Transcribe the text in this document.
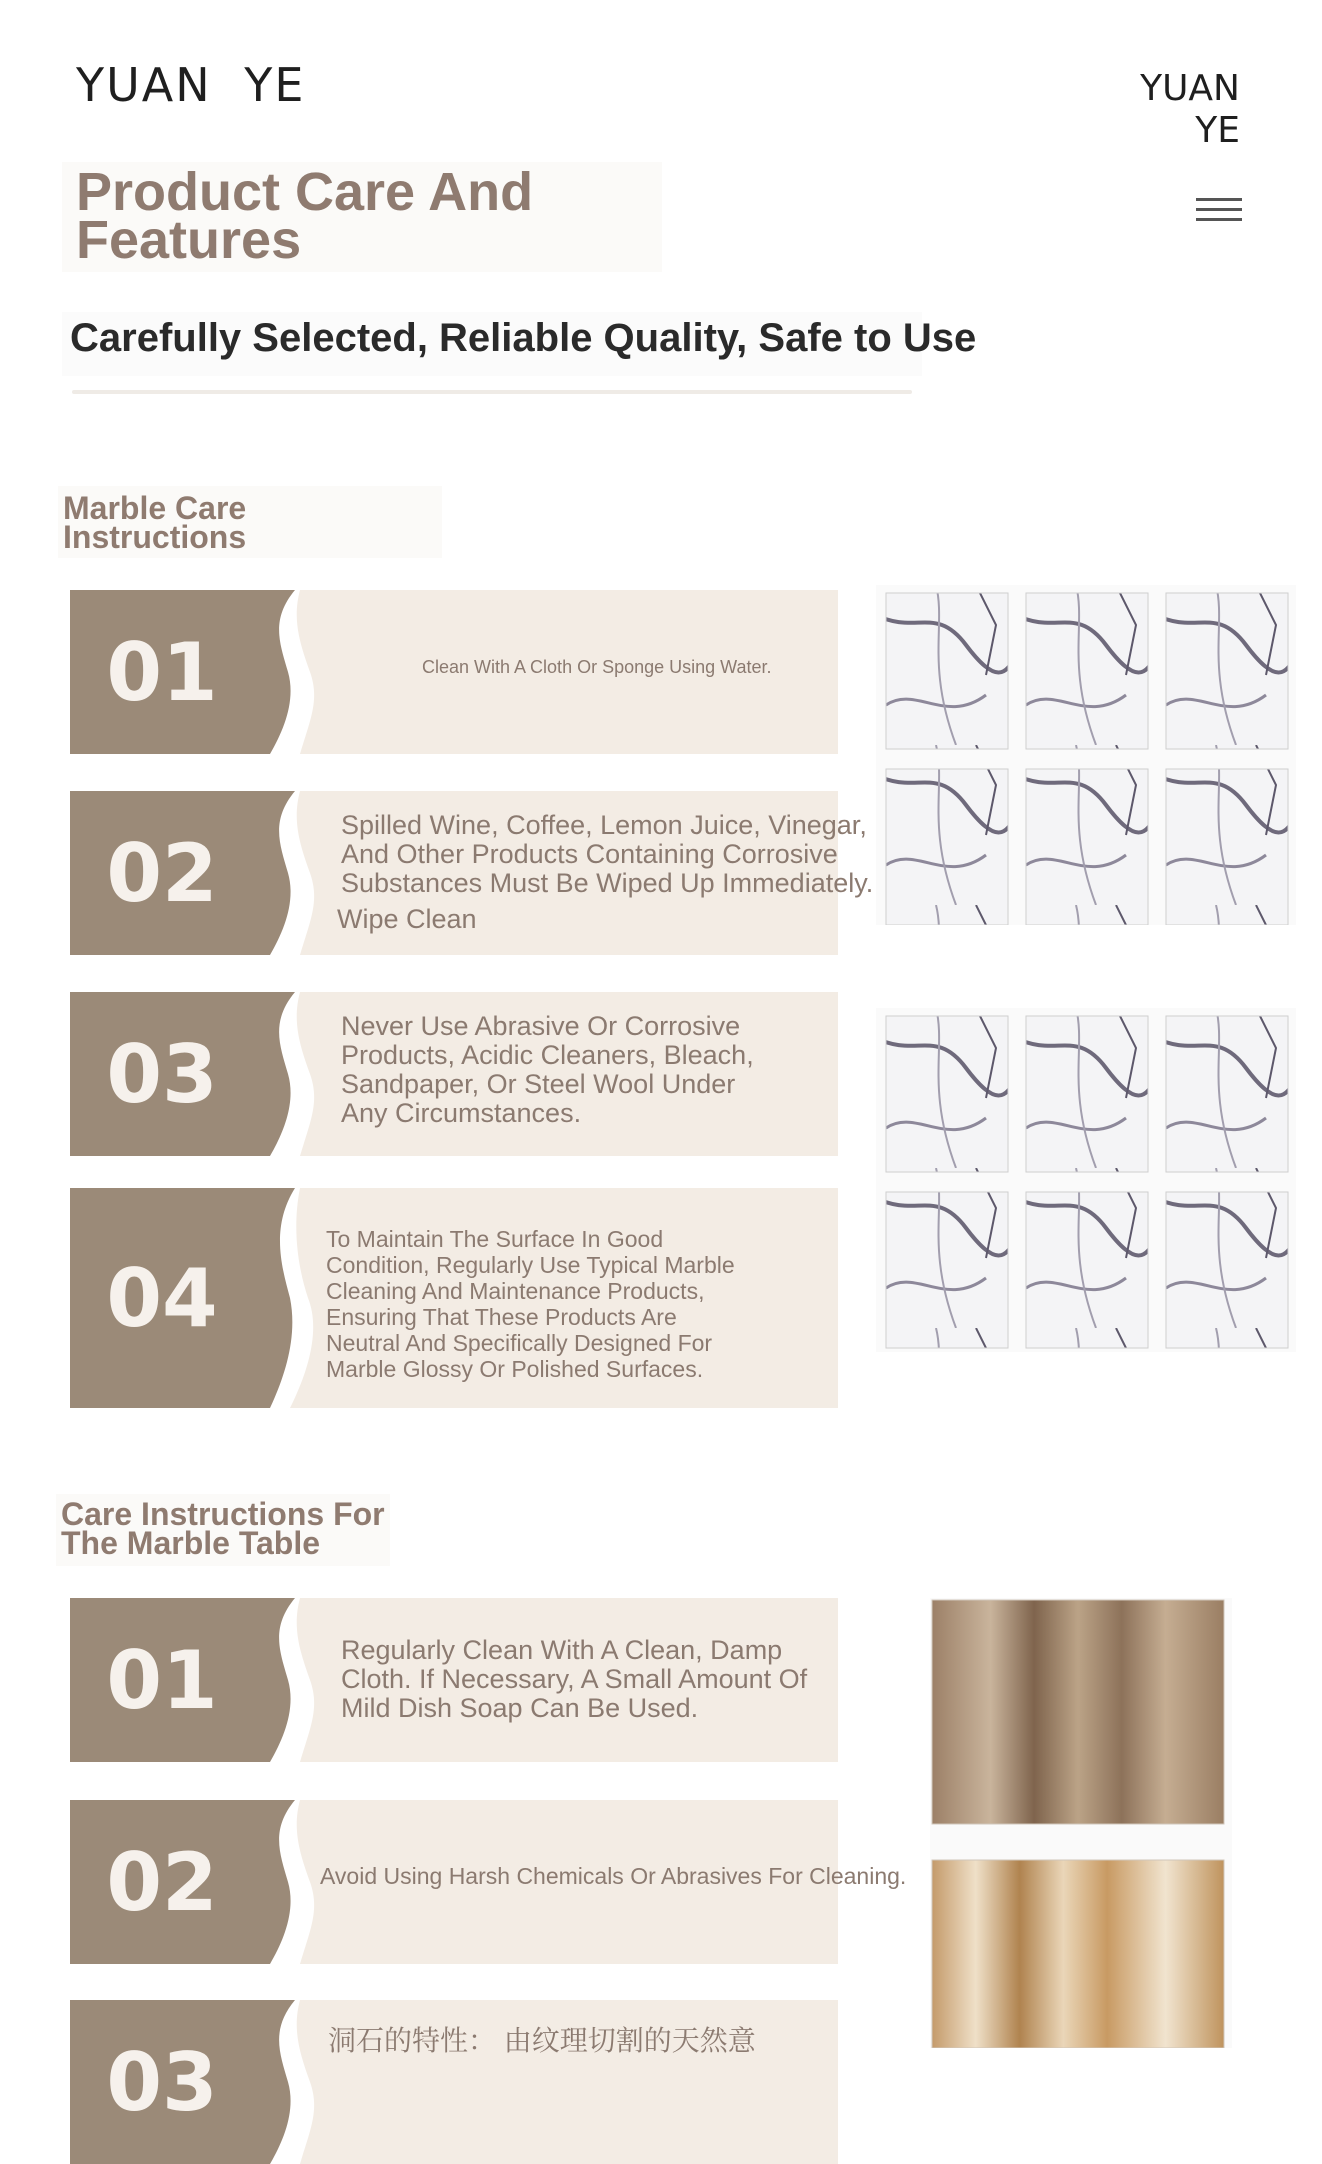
YUAN YE	YUAN
YE
Product Care And Features
Carefully Selected, Reliable Quality, Safe to Use
Marble Care
Instructions
01	Clean With A Cloth Or Sponge Using Water.
02
Spilled Wine, Coffee, Lemon Juice, Vinegar, And Other Products Containing Corrosive Substances Must Be Wiped Up Immediately.
Wipe Clean
03
Never Use Abrasive Or Corrosive Products, Acidic Cleaners, Bleach, Sandpaper, Or Steel Wool Under Any Circumstances.
04
To Maintain The Surface In Good Condition, Regularly Use Typical Marble Cleaning And Maintenance Products, Ensuring That These Products Are Neutral And Specifically Designed For Marble Glossy Or Polished Surfaces.
Care Instructions For
The Marble Table
01	Regularly Clean With A Clean, Damp Cloth. If Necessary, A Small Amount Of Mild Dish Soap Can Be Used.
02	Avoid Using Harsh Chemicals Or Abrasives For Cleaning.
03	洞石的特性： 由纹理切割的天然意
